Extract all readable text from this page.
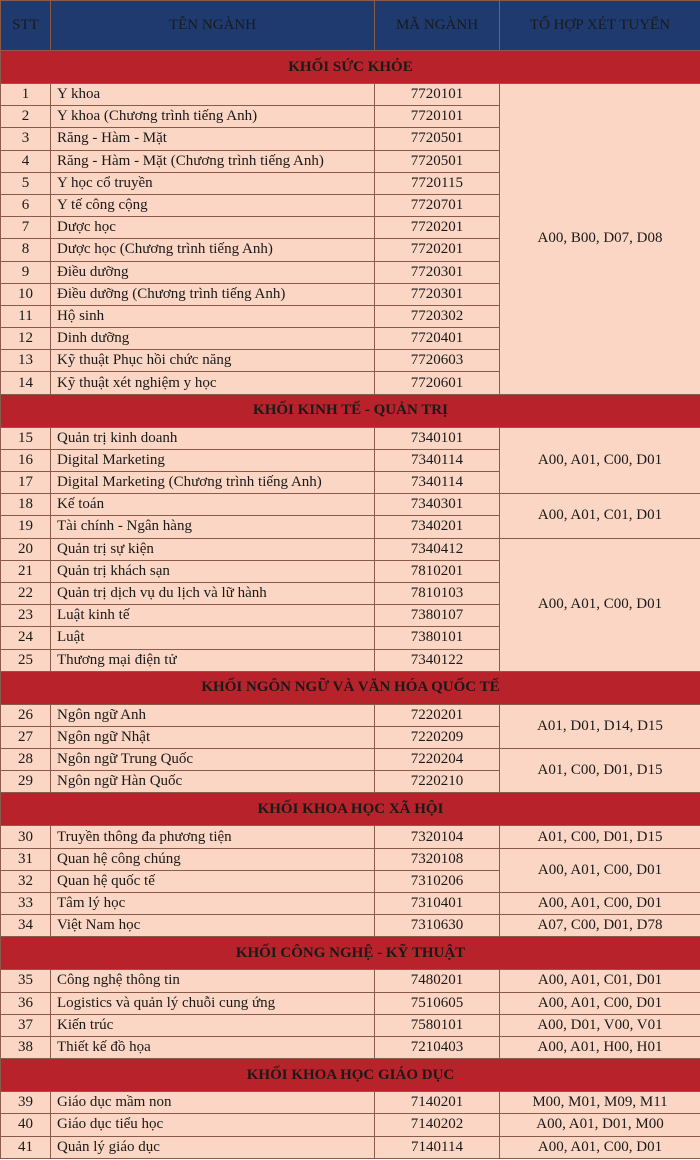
STT	TÊN NGÀNH	MÃ NGÀNH	TỔ HỢP XÉT TUYỂN
KHỐI SỨC KHỎE			
1	Y khoa	7720101	A00, B00, D07, D08
2	Y khoa (Chương trình tiếng Anh)	7720101	
3	Răng - Hàm - Mặt	7720501	
4	Răng - Hàm - Mặt (Chương trình tiếng Anh)	7720501	
5	Y học cổ truyền	7720115	
6	Y tế công cộng	7720701	
7	Dược học	7720201	
8	Dược học (Chương trình tiếng Anh)	7720201	
9	Điều dưỡng	7720301	
10	Điều dưỡng (Chương trình tiếng Anh)	7720301	
11	Hộ sinh	7720302	
12	Dinh dưỡng	7720401	
13	Kỹ thuật Phục hồi chức năng	7720603	
14	Kỹ thuật xét nghiệm y học	7720601	
KHỐI KINH TẾ - QUẢN TRỊ			
15	Quản trị kinh doanh	7340101	A00, A01, C00, D01
16	Digital Marketing	7340114	
17	Digital Marketing (Chương trình tiếng Anh)	7340114	
18	Kế toán	7340301	A00, A01, C01, D01
19	Tài chính - Ngân hàng	7340201	
20	Quản trị sự kiện	7340412	A00, A01, C00, D01
21	Quản trị khách sạn	7810201	
22	Quản trị dịch vụ du lịch và lữ hành	7810103	
23	Luật kinh tế	7380107	
24	Luật	7380101	
25	Thương mại điện tử	7340122	
KHỐI NGÔN NGỮ VÀ VĂN HÓA QUỐC TẾ			
26	Ngôn ngữ Anh	7220201	A01, D01, D14, D15
27	Ngôn ngữ Nhật	7220209	
28	Ngôn ngữ Trung Quốc	7220204	A01, C00, D01, D15
29	Ngôn ngữ Hàn Quốc	7220210	
KHỐI KHOA HỌC XÃ HỘI			
30	Truyền thông đa phương tiện	7320104	A01, C00, D01, D15
31	Quan hệ công chúng	7320108	A00, A01, C00, D01
32	Quan hệ quốc tế	7310206	
33	Tâm lý học	7310401	A00, A01, C00, D01
34	Việt Nam học	7310630	A07, C00, D01, D78
KHỐI CÔNG NGHỆ - KỸ THUẬT			
35	Công nghệ thông tin	7480201	A00, A01, C01, D01
36	Logistics và quản lý chuỗi cung ứng	7510605	A00, A01, C00, D01
37	Kiến trúc	7580101	A00, D01, V00, V01
38	Thiết kế đồ họa	7210403	A00, A01, H00, H01
KHỐI KHOA HỌC GIÁO DỤC			
39	Giáo dục mầm non	7140201	M00, M01, M09, M11
40	Giáo dục tiểu học	7140202	A00, A01, D01, M00
41	Quản lý giáo dục	7140114	A00, A01, C00, D01
